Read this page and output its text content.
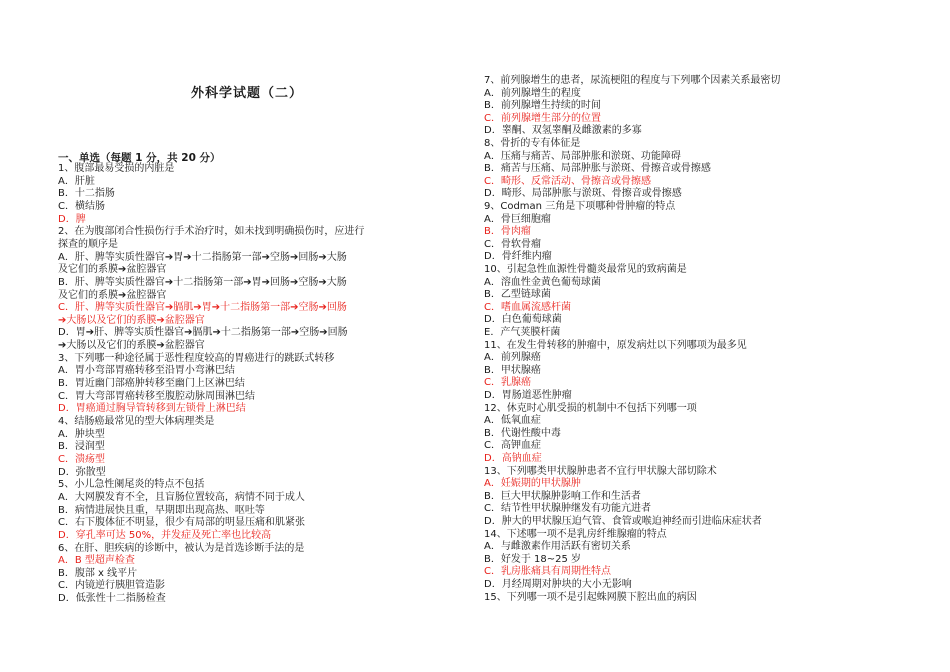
外科学试题（二）
一、单选（每题 1 分，共 20 分）
1、腹部最易受损的内脏是
A．肝脏
B．十二指肠
C．横结肠
D．脾
2、在为腹部闭合性损伤行手术治疗时，如未找到明确损伤时，应进行
探查的顺序是
A．肝、脾等实质性器官➔胃➔十二指肠第一部➔空肠➔回肠➔大肠
及它们的系膜➔盆腔器官
B．肝、脾等实质性器官➔十二指肠第一部➔胃➔回肠➔空肠➔大肠
及它们的系膜➔盆腔器官
C．肝、脾等实质性器官➔膈肌➔胃➔十二指肠第一部➔空肠➔回肠
➔大肠以及它们的系膜➔盆腔器官
D．胃➔肝、脾等实质性器官➔膈肌➔十二指肠第一部➔空肠➔回肠
➔大肠以及它们的系膜➔盆腔器官
3、下列哪一种途径属于恶性程度较高的胃癌进行的跳跃式转移
A．胃小弯部胃癌转移至沿胃小弯淋巴结
B．胃近幽门部癌肿转移至幽门上区淋巴结
C．胃大弯部胃癌转移至腹腔动脉周围淋巴结
D．胃癌通过胸导管转移到左锁骨上淋巴结
4、结肠癌最常见的型大体病理类是
A．肿块型
B．浸润型
C．溃疡型
D．弥散型
5、小儿急性阑尾炎的特点不包括
A．大网膜发育不全，且盲肠位置较高，病情不同于成人
B．病情进展快且重，早期即出现高热、呕吐等
C．右下腹体征不明显，很少有局部的明显压痛和肌紧张
D．穿孔率可达 50%，并发症及死亡率也比较高
6、在肝、胆疾病的诊断中，被认为是首选诊断手法的是
A．B 型超声检查
B．腹部 x 线平片
C．内镜逆行胰胆管造影
D．低张性十二指肠检查
7、前列腺增生的患者，尿流梗阻的程度与下列哪个因素关系最密切
A．前列腺增生的程度
B．前列腺增生持续的时间
C．前列腺增生部分的位置
D．睾酮、双氢睾酮及雌激素的多寡
8、骨折的专有体征是
A．压痛与痛苦、局部肿胀和淤斑、功能障碍
B．痛苦与压痛、局部肿胀与淤斑、骨擦音或骨擦感
C．畸形、反常活动、骨擦音或骨擦感
D．畸形、局部肿胀与淤斑、骨擦音或骨擦感
9、Codman 三角是下项哪种骨肿瘤的特点
A．骨巨细胞瘤
B．骨肉瘤
C．骨软骨瘤
D．骨纤维内瘤
10、引起急性血源性骨髓炎最常见的致病菌是
A．溶血性金黄色葡萄球菌
B．乙型链球菌
C．嗜血属流感杆菌
D．白色葡萄球菌
E．产气荚膜杆菌
11、在发生骨转移的肿瘤中，原发病灶以下列哪项为最多见
A．前列腺癌
B．甲状腺癌
C．乳腺癌
D．胃肠道恶性肿瘤
12、休克时心肌受损的机制中不包括下列哪一项
A．低氧血症
B．代谢性酸中毒
C．高钾血症
D．高钠血症
13、下列哪类甲状腺肿患者不宜行甲状腺大部切除术
A．妊娠期的甲状腺肿
B．巨大甲状腺肿影响工作和生活者
C．结节性甲状腺肿继发有功能亢进者
D．肿大的甲状腺压迫气管、食管或喉迫神经而引进临床症状者
14、下述哪一项不是乳房纤维腺瘤的特点
A．与雌激素作用活跃有密切关系
B．好发于 18~25 岁
C．乳房胀痛具有周期性特点
D．月经周期对肿块的大小无影响
15、下列哪一项不是引起蛛网膜下腔出血的病因
